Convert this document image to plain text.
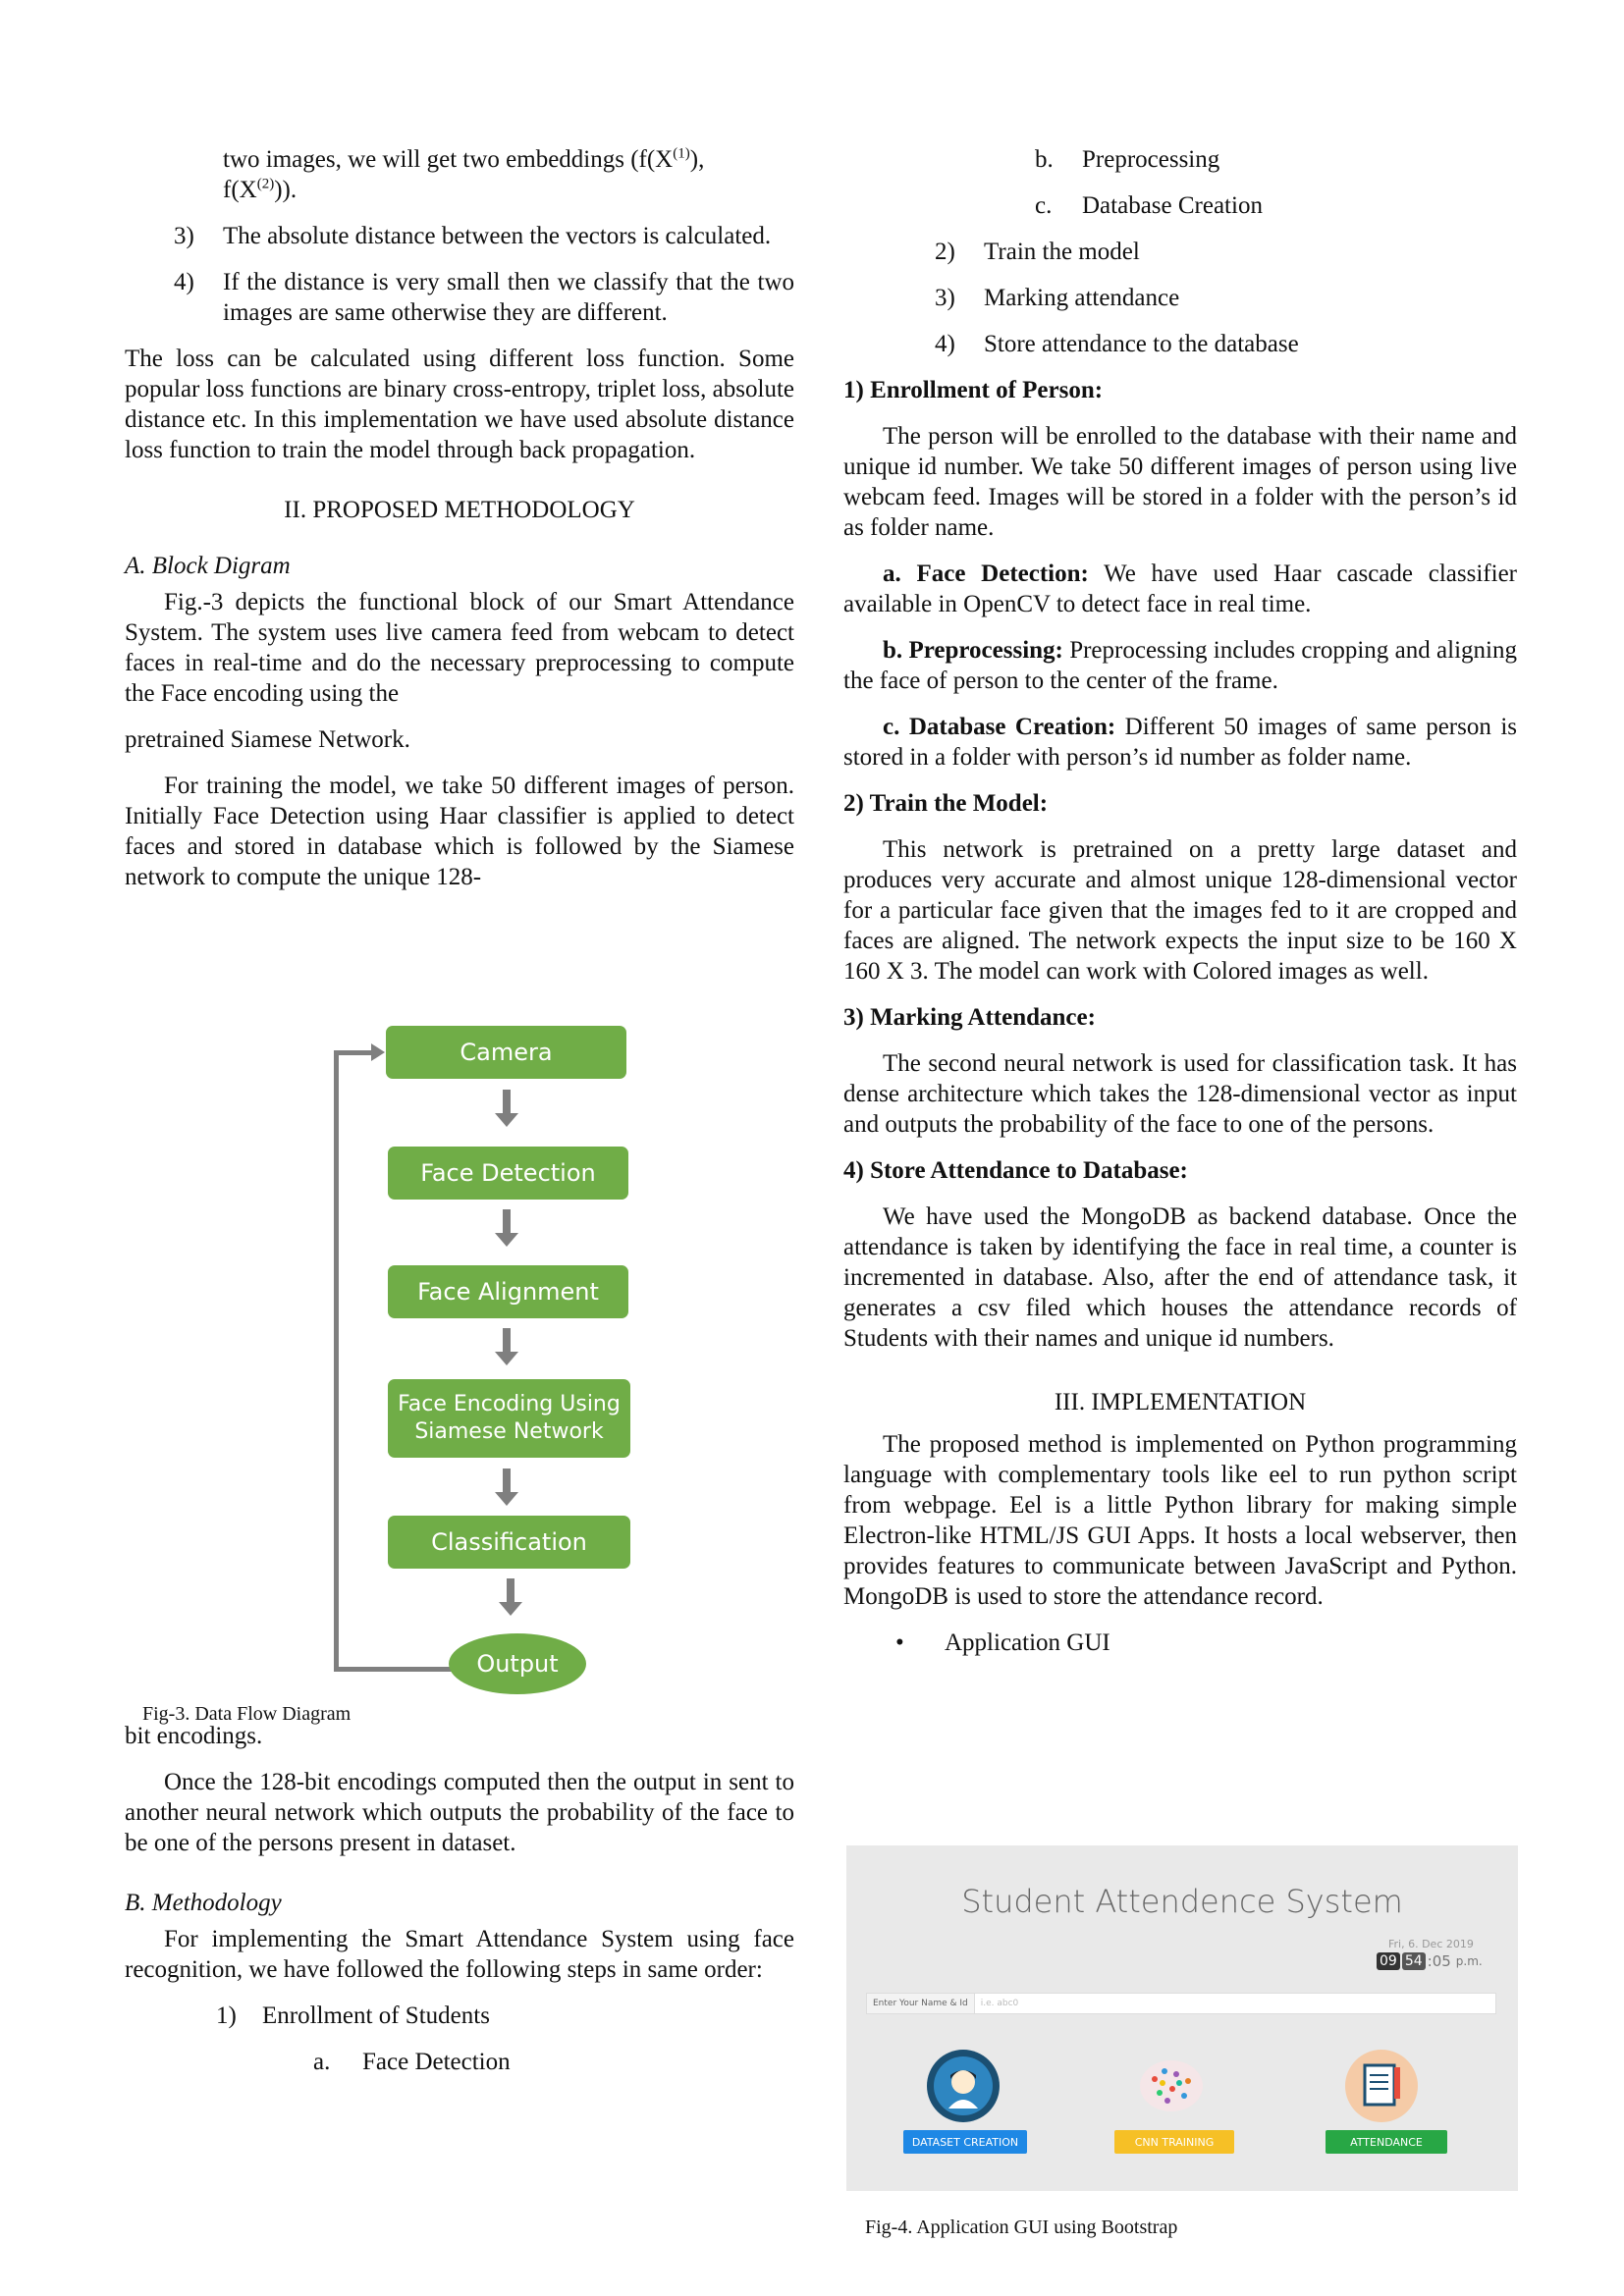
two images, we will get two embeddings ($f(X^{(1)})$,
$f(X^{(2)})$).
3) The absolute distance between the vectors is calculated.
4) If the distance is very small then we classify that the two images are same otherwise they are different.

The loss can be calculated using different loss function. Some popular loss functions are binary cross-entropy, triplet loss, absolute distance etc. In this implementation we have used absolute distance loss function to train the model through back propagation.

II. PROPOSED METHODOLOGY
A. Block Digram

Fig.-3 depicts the functional block of our Smart Attendance System. The system uses live camera feed from webcam to detect faces in real-time and do the necessary preprocessing to compute the Face encoding using the

pretrained Siamese Network.

For training the model, we take 50 different images of person. Initially Face Detection using Haar classifier is applied to detect faces and stored in database which is followed by the Siamese network to compute the unique 128-

Camera
Face Detection
Face Alignment
Face Encoding Using
Siamese Network
Classification
Output
Fig-3. Data Flow Diagram

bit encodings.

Once the 128-bit encodings computed then the output in sent to another neural network which outputs the probability of the face to be one of the persons present in dataset.

B. Methodology

For implementing the Smart Attendance System using face recognition, we have followed the following steps in same order:

1) Enrollment of Students
a. Face Detection
b. Preprocessing
c. Database Creation
2) Train the model
3) Marking attendance
4) Store attendance to the database
1) Enrollment of Person:

The person will be enrolled to the database with their name and unique id number. We take 50 different images of person using live webcam feed. Images will be stored in a folder with the person’s id as folder name.

a. Face Detection: We have used Haar cascade classifier available in OpenCV to detect face in real time.

b. Preprocessing: Preprocessing includes cropping and aligning the face of person to the center of the frame.

c. Database Creation: Different 50 images of same person is stored in a folder with person’s id number as folder name.

2) Train the Model:

This network is pretrained on a pretty large dataset and produces very accurate and almost unique 128-dimensional vector for a particular face given that the images fed to it are cropped and faces are aligned. The network expects the input size to be 160 X 160 X 3. The model can work with Colored images as well.

3) Marking Attendance:

The second neural network is used for classification task. It has dense architecture which takes the 128-dimensional vector as input and outputs the probability of the face to one of the persons.

4) Store Attendance to Database:

We have used the MongoDB as backend database. Once the attendance is taken by identifying the face in real time, a counter is incremented in database. Also, after the end of attendance task, it generates a csv filed which houses the attendance records of Students with their names and unique id numbers.

III. IMPLEMENTATION

The proposed method is implemented on Python programming language with complementary tools like eel to run python script from webpage. Eel is a little Python library for making simple Electron-like HTML/JS GUI Apps. It hosts a local webserver, then provides features to communicate between JavaScript and Python. MongoDB is used to store the attendance record.

• Application GUI
Student Attendence System
Fri, 6. Dec 2019
09 54 :05 p.m.
Enter Your Name & Id	i.e. abc0
DATASET CREATION	CNN TRAINING	ATTENDANCE
Fig-4. Application GUI using Bootstrap
